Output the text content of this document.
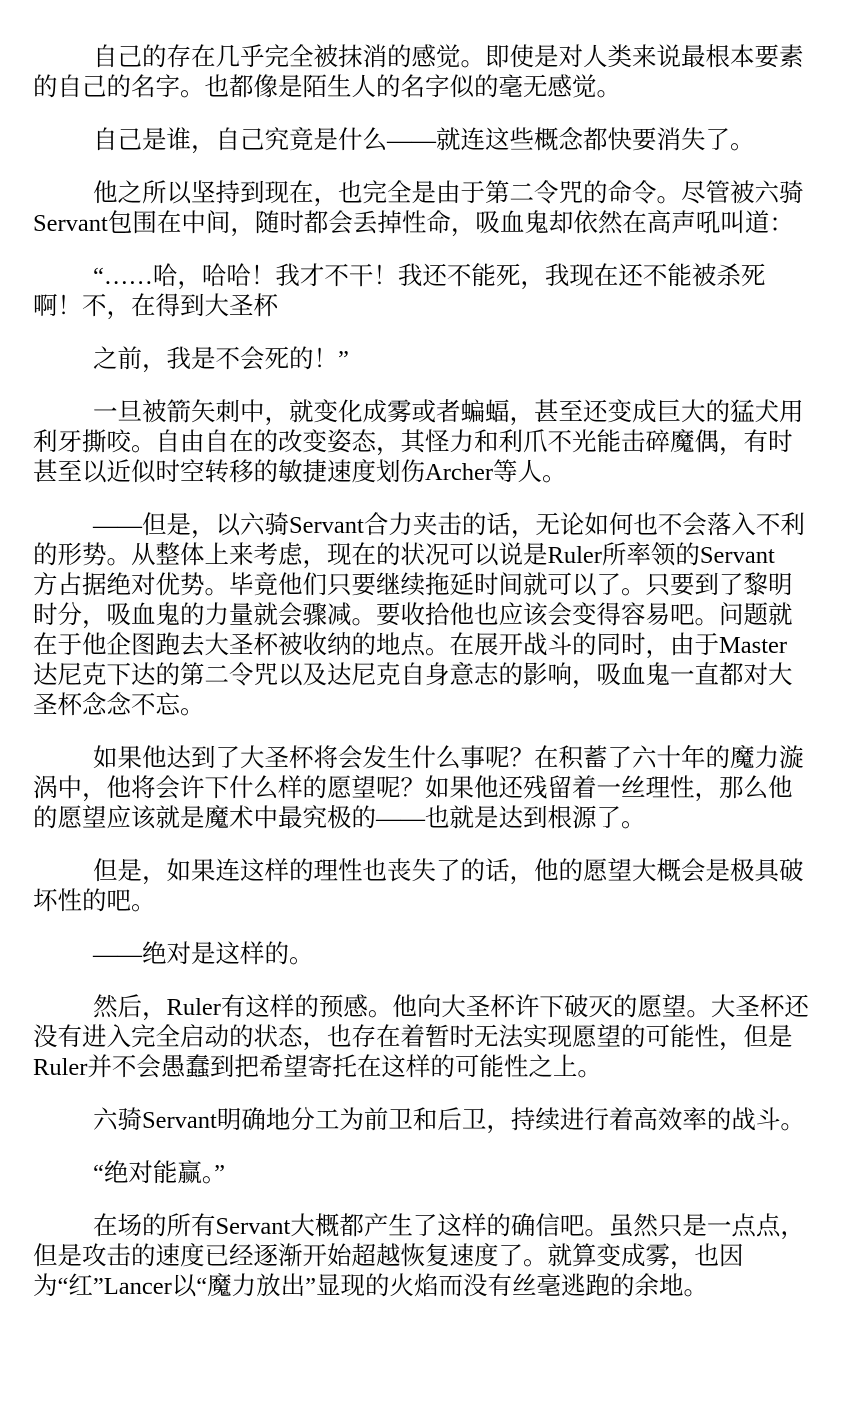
自己的存在几乎完全被抹消的感觉。即使是对人类来说最根本要素
的自己的名字。也都像是陌生人的名字似的毫无感觉。
自己是谁，自己究竟是什么——就连这些概念都快要消失了。
他之所以坚持到现在，也完全是由于第二令咒的命令。尽管被六骑
Servant包围在中间，随时都会丢掉性命，吸血鬼却依然在高声吼叫道：
“……哈，哈哈！我才不干！我还不能死，我现在还不能被杀死
啊！不，在得到大圣杯
之前，我是不会死的！”
一旦被箭矢刺中，就变化成雾或者蝙蝠，甚至还变成巨大的猛犬用
利牙撕咬。自由自在的改变姿态，其怪力和利爪不光能击碎魔偶，有时
甚至以近似时空转移的敏捷速度划伤Archer等人。
——但是，以六骑Servant合力夹击的话，无论如何也不会落入不利
的形势。从整体上来考虑，现在的状况可以说是Ruler所率领的Servant
方占据绝对优势。毕竟他们只要继续拖延时间就可以了。只要到了黎明
时分，吸血鬼的力量就会骤减。要收拾他也应该会变得容易吧。问题就
在于他企图跑去大圣杯被收纳的地点。在展开战斗的同时，由于Master
达尼克下达的第二令咒以及达尼克自身意志的影响，吸血鬼一直都对大
圣杯念念不忘。
如果他达到了大圣杯将会发生什么事呢？在积蓄了六十年的魔力漩
涡中，他将会许下什么样的愿望呢？如果他还残留着一丝理性，那么他
的愿望应该就是魔术中最究极的——也就是达到根源了。
但是，如果连这样的理性也丧失了的话，他的愿望大概会是极具破
坏性的吧。
——绝对是这样的。
然后，Ruler有这样的预感。他向大圣杯许下破灭的愿望。大圣杯还
没有进入完全启动的状态，也存在着暂时无法实现愿望的可能性，但是
Ruler并不会愚蠢到把希望寄托在这样的可能性之上。
六骑Servant明确地分工为前卫和后卫，持续进行着高效率的战斗。
“绝对能赢。”
在场的所有Servant大概都产生了这样的确信吧。虽然只是一点点，
但是攻击的速度已经逐渐开始超越恢复速度了。就算变成雾，也因
为“红”Lancer以“魔力放出”显现的火焰而没有丝毫逃跑的余地。
